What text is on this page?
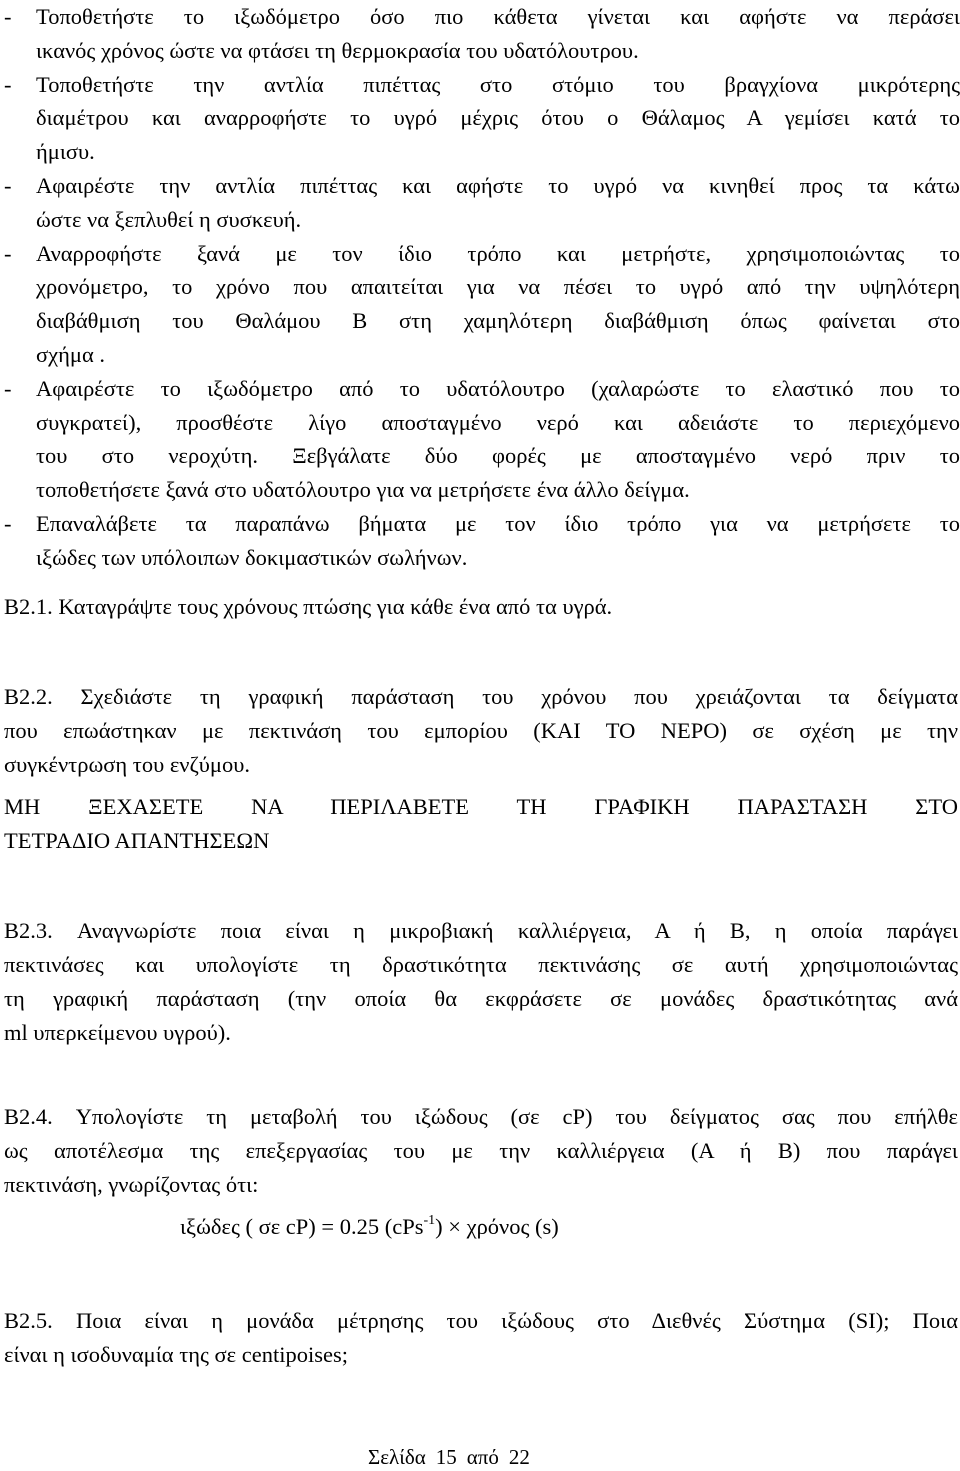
- Τοποθετήστε το ιξωδόμετρο όσο πιο κάθετα γίνεται και αφήστε να περάσει
ικανός χρόνος ώστε να φτάσει τη θερμοκρασία του υδατόλουτρου.
- Τοποθετήστε την αντλία πιπέττας στο στόμιο του βραγχίονα μικρότερης
διαμέτρου και αναρροφήστε το υγρό μέχρις ότου ο Θάλαμος Α γεμίσει κατά το
ήμισυ.
- Αφαιρέστε την αντλία πιπέττας και αφήστε το υγρό να κινηθεί προς τα κάτω
ώστε να ξεπλυθεί η συσκευή.
- Αναρροφήστε ξανά με τον ίδιο τρόπο και μετρήστε, χρησιμοποιώντας το
χρονόμετρο, το χρόνο που απαιτείται για να πέσει το υγρό από την υψηλότερη
διαβάθμιση του Θαλάμου Β στη χαμηλότερη διαβάθμιση όπως φαίνεται στο
σχήμα .
- Αφαιρέστε το ιξωδόμετρο από το υδατόλουτρο (χαλαρώστε το ελαστικό που το
συγκρατεί), προσθέστε λίγο αποσταγμένο νερό και αδειάστε το περιεχόμενο
του στο νεροχύτη. Ξεβγάλατε δύο φορές με αποσταγμένο νερό πριν το
τοποθετήσετε ξανά στο υδατόλουτρο για να μετρήσετε ένα άλλο δείγμα.
- Επαναλάβετε τα παραπάνω βήματα με τον ίδιο τρόπο για να μετρήσετε το
ιξώδες των υπόλοιπων δοκιμαστικών σωλήνων.
B2.1. Καταγράψτε τους χρόνους πτώσης για κάθε ένα από τα υγρά.
B2.2. Σχεδιάστε τη γραφική παράσταση του χρόνου που χρειάζονται τα δείγματα
που επωάστηκαν με πεκτινάση του εμπορίου (ΚΑΙ ΤΟ ΝΕΡΟ) σε σχέση με την
συγκέντρωση του ενζύμου.
ΜΗ ΞΕΧΑΣΕΤΕ ΝΑ ΠΕΡΙΛΑΒΕΤΕ ΤΗ ΓΡΑΦΙΚΗ ΠΑΡΑΣΤΑΣΗ ΣΤΟ
ΤΕΤΡΑΔΙΟ ΑΠΑΝΤΗΣΕΩΝ
B2.3. Αναγνωρίστε ποια είναι η μικροβιακή καλλιέργεια, Α ή Β, η οποία παράγει
πεκτινάσες και υπολογίστε τη δραστικότητα πεκτινάσης σε αυτή χρησιμοποιώντας
τη γραφική παράσταση (την οποία θα εκφράσετε σε μονάδες δραστικότητας ανά
ml υπερκείμενου υγρού).
B2.4. Υπολογίστε τη μεταβολή του ιξώδους (σε cP) του δείγματος σας που επήλθε
ως αποτέλεσμα της επεξεργασίας του με την καλλιέργεια (Α ή Β) που παράγει
πεκτινάση, γνωρίζοντας ότι:
ιξώδες ( σε cP) = 0.25 (cPs$^{-1}$) × χρόνος (s)
B2.5. Ποια είναι η μονάδα μέτρησης του ιξώδους στο Διεθνές Σύστημα (SI); Ποια
είναι η ισοδυναμία της σε centipoises;
Σελίδα 15 από 22
